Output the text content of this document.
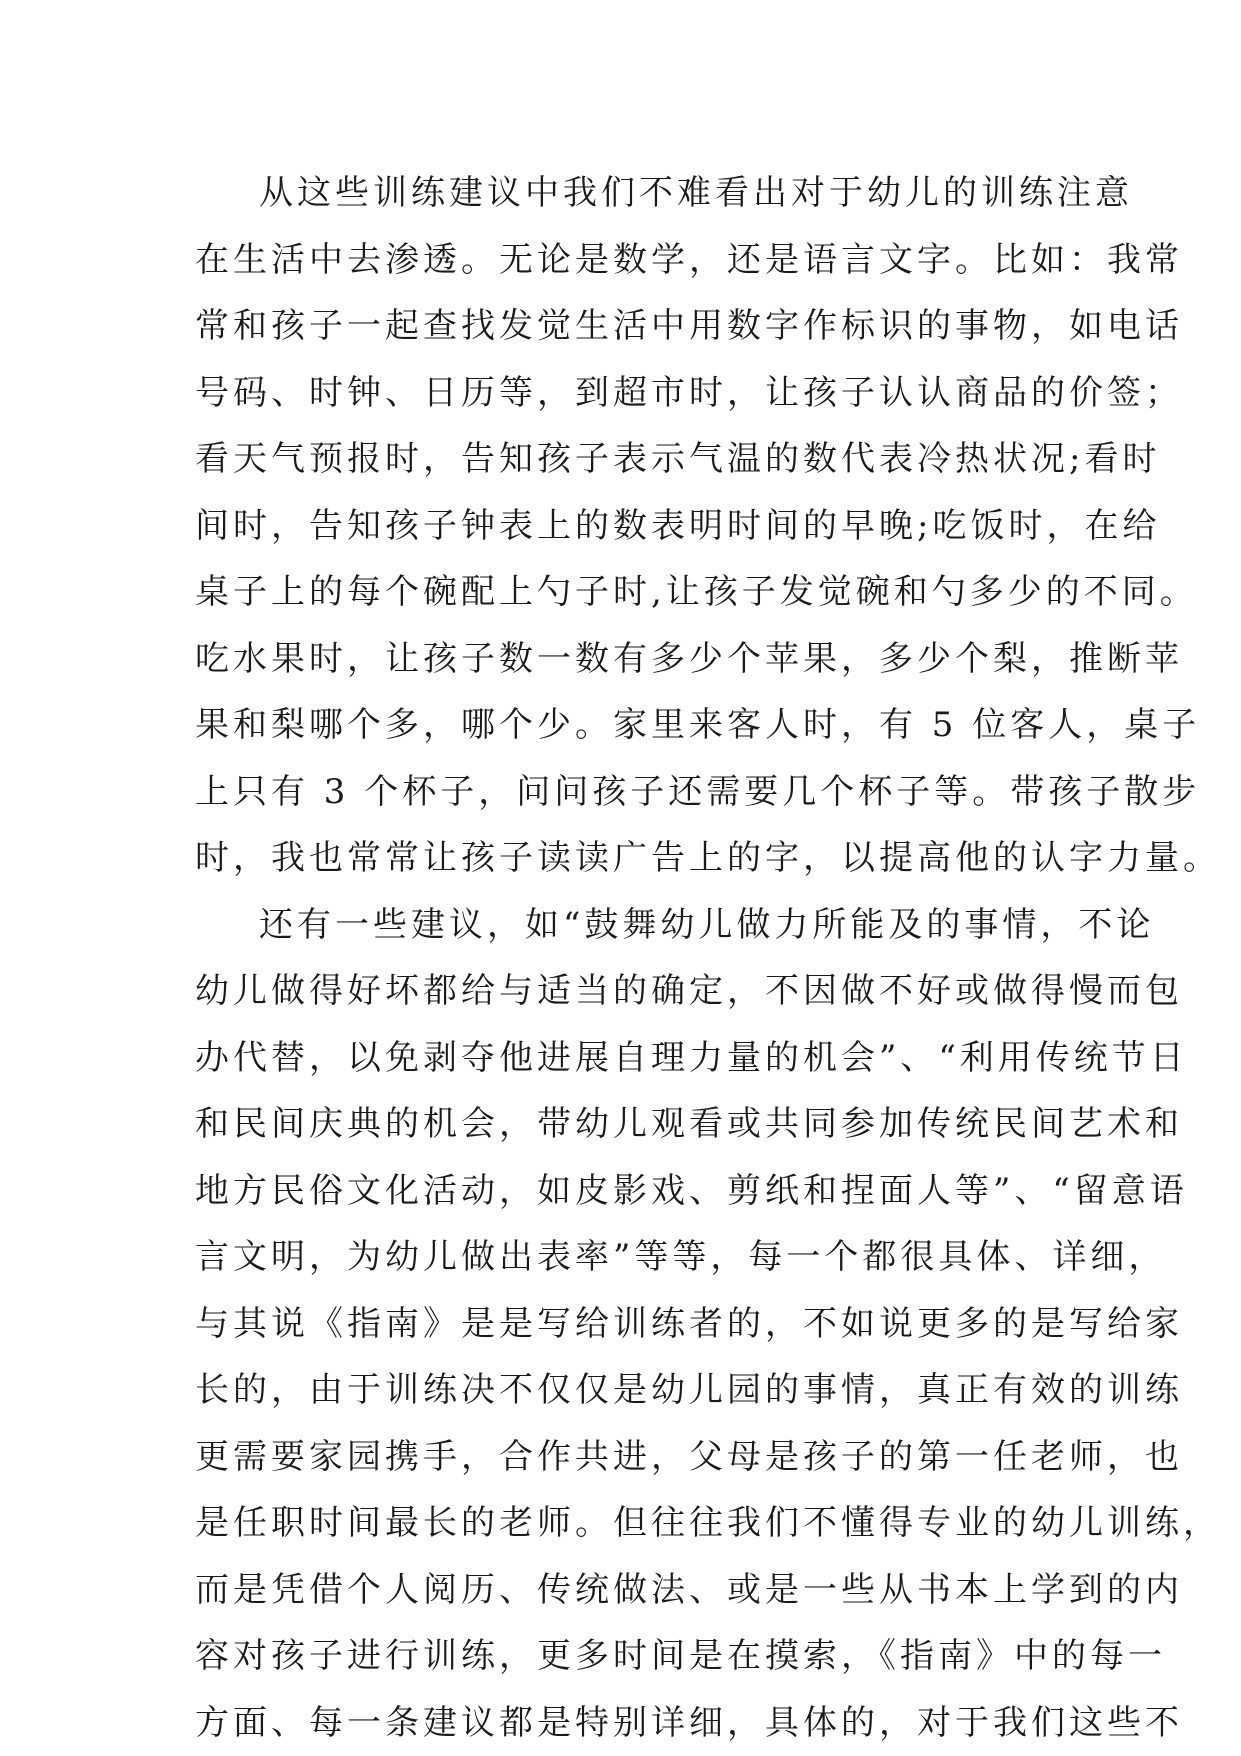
从这些训练建议中我们不难看出对于幼儿的训练注意
在生活中去渗透。无论是数学，还是语言文字。比如：我常
常和孩子一起查找发觉生活中用数字作标识的事物，如电话
号码、时钟、日历等，到超市时，让孩子认认商品的价签；
看天气预报时，告知孩子表示气温的数代表冷热状况;看时
间时，告知孩子钟表上的数表明时间的早晚;吃饭时，在给
桌子上的每个碗配上勺子时,让孩子发觉碗和勺多少的不同。
吃水果时，让孩子数一数有多少个苹果，多少个梨，推断苹
果和梨哪个多，哪个少。家里来客人时，有 5 位客人，桌子
上只有 3 个杯子，问问孩子还需要几个杯子等。带孩子散步
时，我也常常让孩子读读广告上的字，以提高他的认字力量。
还有一些建议，如“鼓舞幼儿做力所能及的事情，不论
幼儿做得好坏都给与适当的确定，不因做不好或做得慢而包
办代替，以免剥夺他进展自理力量的机会”、“利用传统节日
和民间庆典的机会，带幼儿观看或共同参加传统民间艺术和
地方民俗文化活动，如皮影戏、剪纸和捏面人等”、“留意语
言文明，为幼儿做出表率”等等，每一个都很具体、详细，
与其说《指南》是是写给训练者的，不如说更多的是写给家
长的，由于训练决不仅仅是幼儿园的事情，真正有效的训练
更需要家园携手，合作共进，父母是孩子的第一任老师，也
是任职时间最长的老师。但往往我们不懂得专业的幼儿训练，
而是凭借个人阅历、传统做法、或是一些从书本上学到的内
容对孩子进行训练，更多时间是在摸索，《指南》中的每一
方面、每一条建议都是特别详细，具体的，对于我们这些不
